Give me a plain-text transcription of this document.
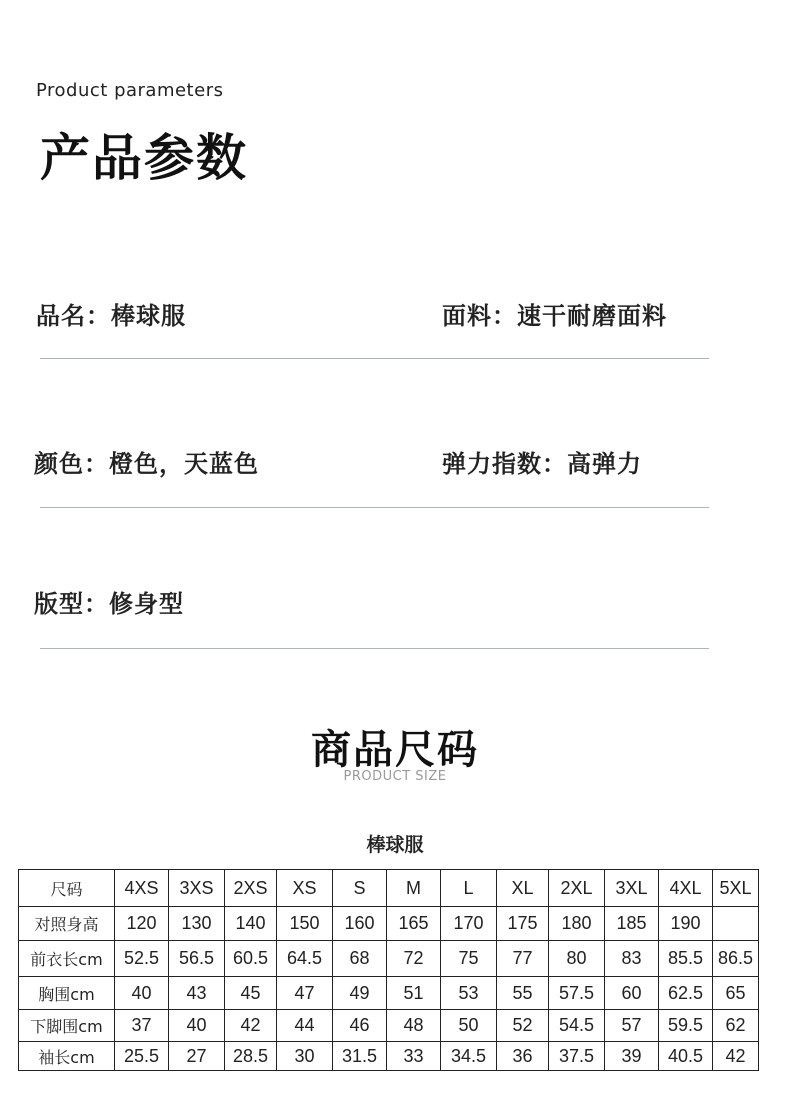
Product parameters
产品参数
品名：棒球服	面料：速干耐磨面料
颜色：橙色，天蓝色	弹力指数：高弹力
版型：修身型
商品尺码
PRODUCT SIZE
棒球服
尺码	4XS	3XS	2XS	XS	S	M	L	XL	2XL	3XL	4XL	5XL
对照身高	120	130	140	150	160	165	170	175	180	185	190	
前衣长cm	52.5	56.5	60.5	64.5	68	72	75	77	80	83	85.5	86.5
胸围cm	40	43	45	47	49	51	53	55	57.5	60	62.5	65
下脚围cm	37	40	42	44	46	48	50	52	54.5	57	59.5	62
袖长cm	25.5	27	28.5	30	31.5	33	34.5	36	37.5	39	40.5	42
